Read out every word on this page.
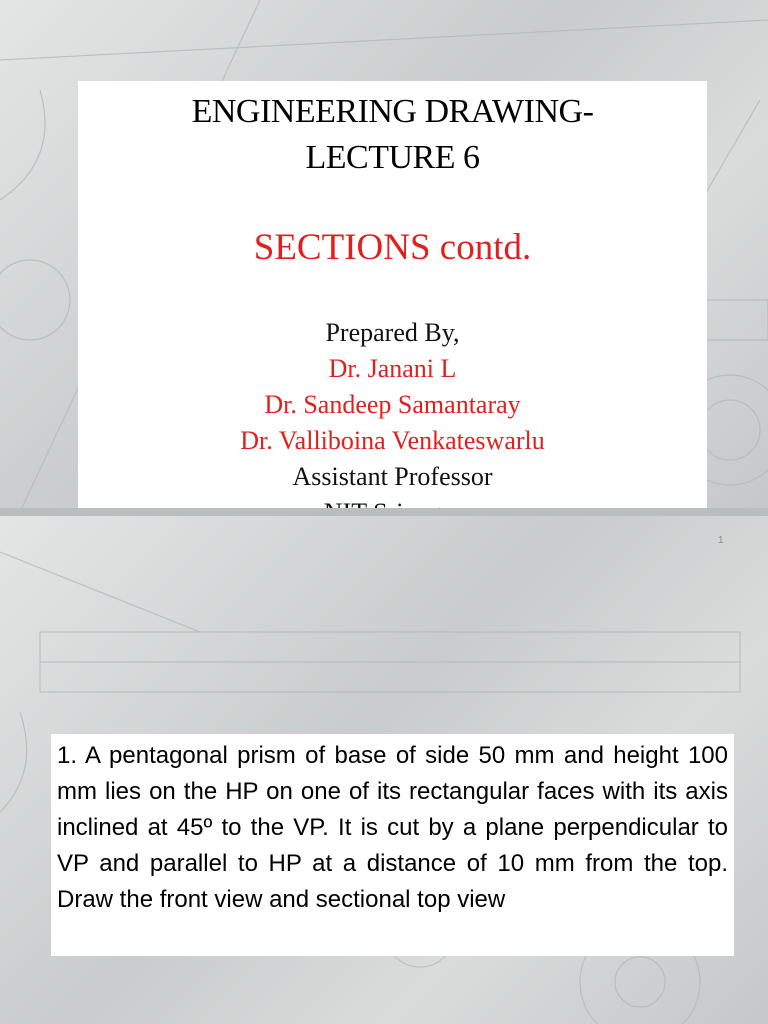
ENGINEERING DRAWING-
LECTURE 6
SECTIONS contd.
Prepared By,
Dr. Janani L
Dr. Sandeep Samantaray
Dr. Valliboina Venkateswarlu
Assistant Professor
1

1. A pentagonal prism of base of side 50 mm and height 100 mm lies on the HP on one of its rectangular faces with its axis inclined at 45º to the VP. It is cut by a plane perpendicular to VP and parallel to HP at a distance of 10 mm from the top. Draw the front view and sectional top view
